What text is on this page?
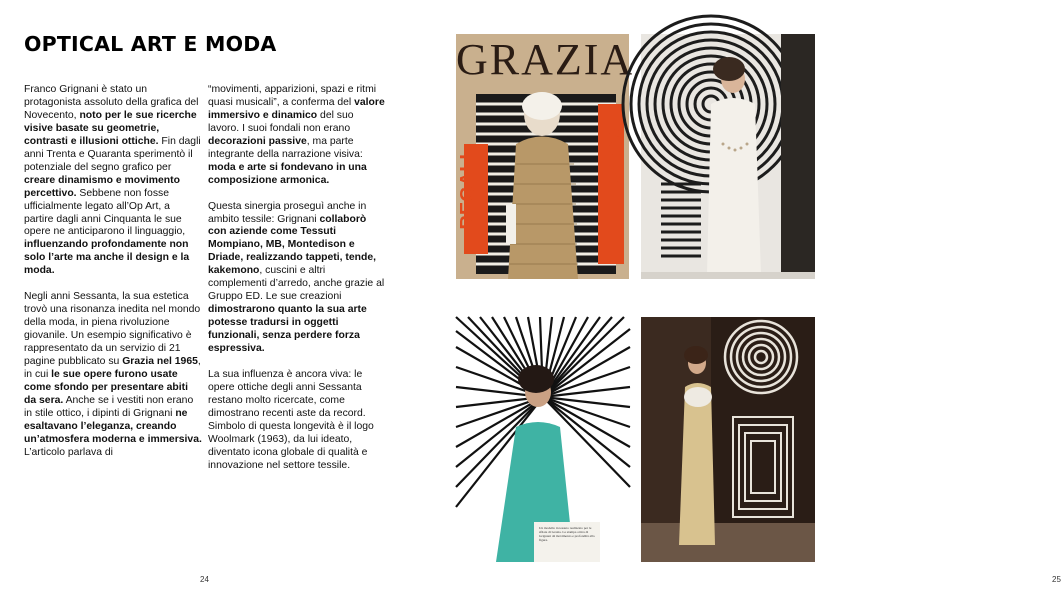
OPTICAL ART E MODA

Franco Grignani è stato un protagonista assoluto della grafica del Novecento, noto per le sue ricerche visive basate su geometrie, contrasti e illusioni ottiche. Fin dagli anni Trenta e Quaranta sperimentò il potenziale del segno grafico per creare dinamismo e movimento percettivo. Sebbene non fosse ufficialmente legato all’Op Art, a partire dagli anni Cinquanta le sue opere ne anticiparono il linguaggio, influenzando profondamente non solo l’arte ma anche il design e la moda.

Negli anni Sessanta, la sua estetica trovò una risonanza inedita nel mondo della moda, in piena rivoluzione giovanile. Un esempio significativo è rappresentato da un servizio di 21 pagine pubblicato su Grazia nel 1965, in cui le sue opere furono usate come sfondo per presentare abiti da sera. Anche se i vestiti non erano in stile ottico, i dipinti di Grignani ne esaltavano l’eleganza, creando un’atmosfera moderna e immersiva. L’articolo parlava di

“movimenti, apparizioni, spazi e ritmi quasi musicali”, a conferma del valore immersivo e dinamico del suo lavoro. I suoi fondali non erano decorazioni passive, ma parte integrante della narrazione visiva: moda e arte si fondevano in una composizione armonica.

Questa sinergia proseguì anche in ambito tessile: Grignani collaborò con aziende come Tessuti Mompiano, MB, Montedison e Driade, realizzando tappeti, tende, kakemono, cuscini e altri complementi d’arredo, anche grazie al Gruppo ED. Le sue creazioni dimostrarono quanto la sua arte potesse tradursi in oggetti funzionali, senza perdere forza espressiva.

La sua influenza è ancora viva: le opere ottiche degli anni Sessanta restano molto ricercate, come dimostrano recenti aste da record. Simbolo di questa longevità è il logo Woolmark (1963), da lui ideato, diventato icona globale di qualità e innovazione nel settore tessile.

24	25
GRAZIA
REGALI	MODA
Un modello in tessuto realizzato per le sfilate di Grazia. La stampa ottica di Grignani dà movimento e profondità alla figura.
